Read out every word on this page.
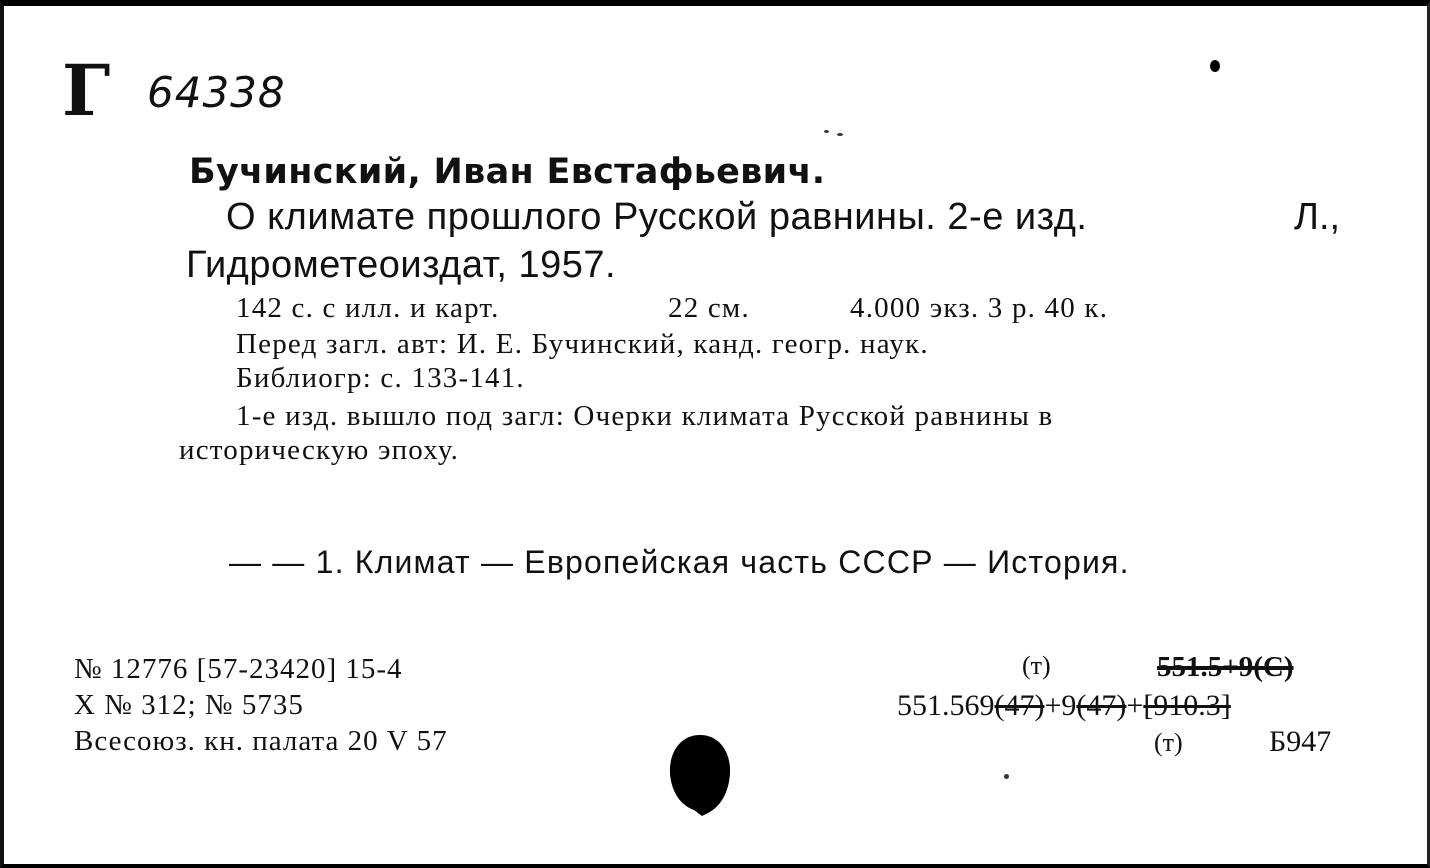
Г 64338

Бучинский, Иван Евстафьевич.

О климате прошлого Русской равнины. 2-е изд.	Л.,

Гидрометеоиздат, 1957.

142 с. с илл. и карт.	22 см.	4.000 экз. 3 р. 40 к.

Перед загл. авт: И. Е. Бучинский, канд. геогр. наук.

Библиогр: с. 133-141.

1-е изд. вышло под загл: Очерки климата Русской равнины в

историческую эпоху.

— — 1. Климат — Европейская часть СССР — История.

№ 12776 [57-23420] 15-4

X № 312; № 5735

Всесоюз. кн. палата 20 V 57

(т)	551.5+9(С)

551.569(47)+9(47)+[910.3]

(т)	Б947
